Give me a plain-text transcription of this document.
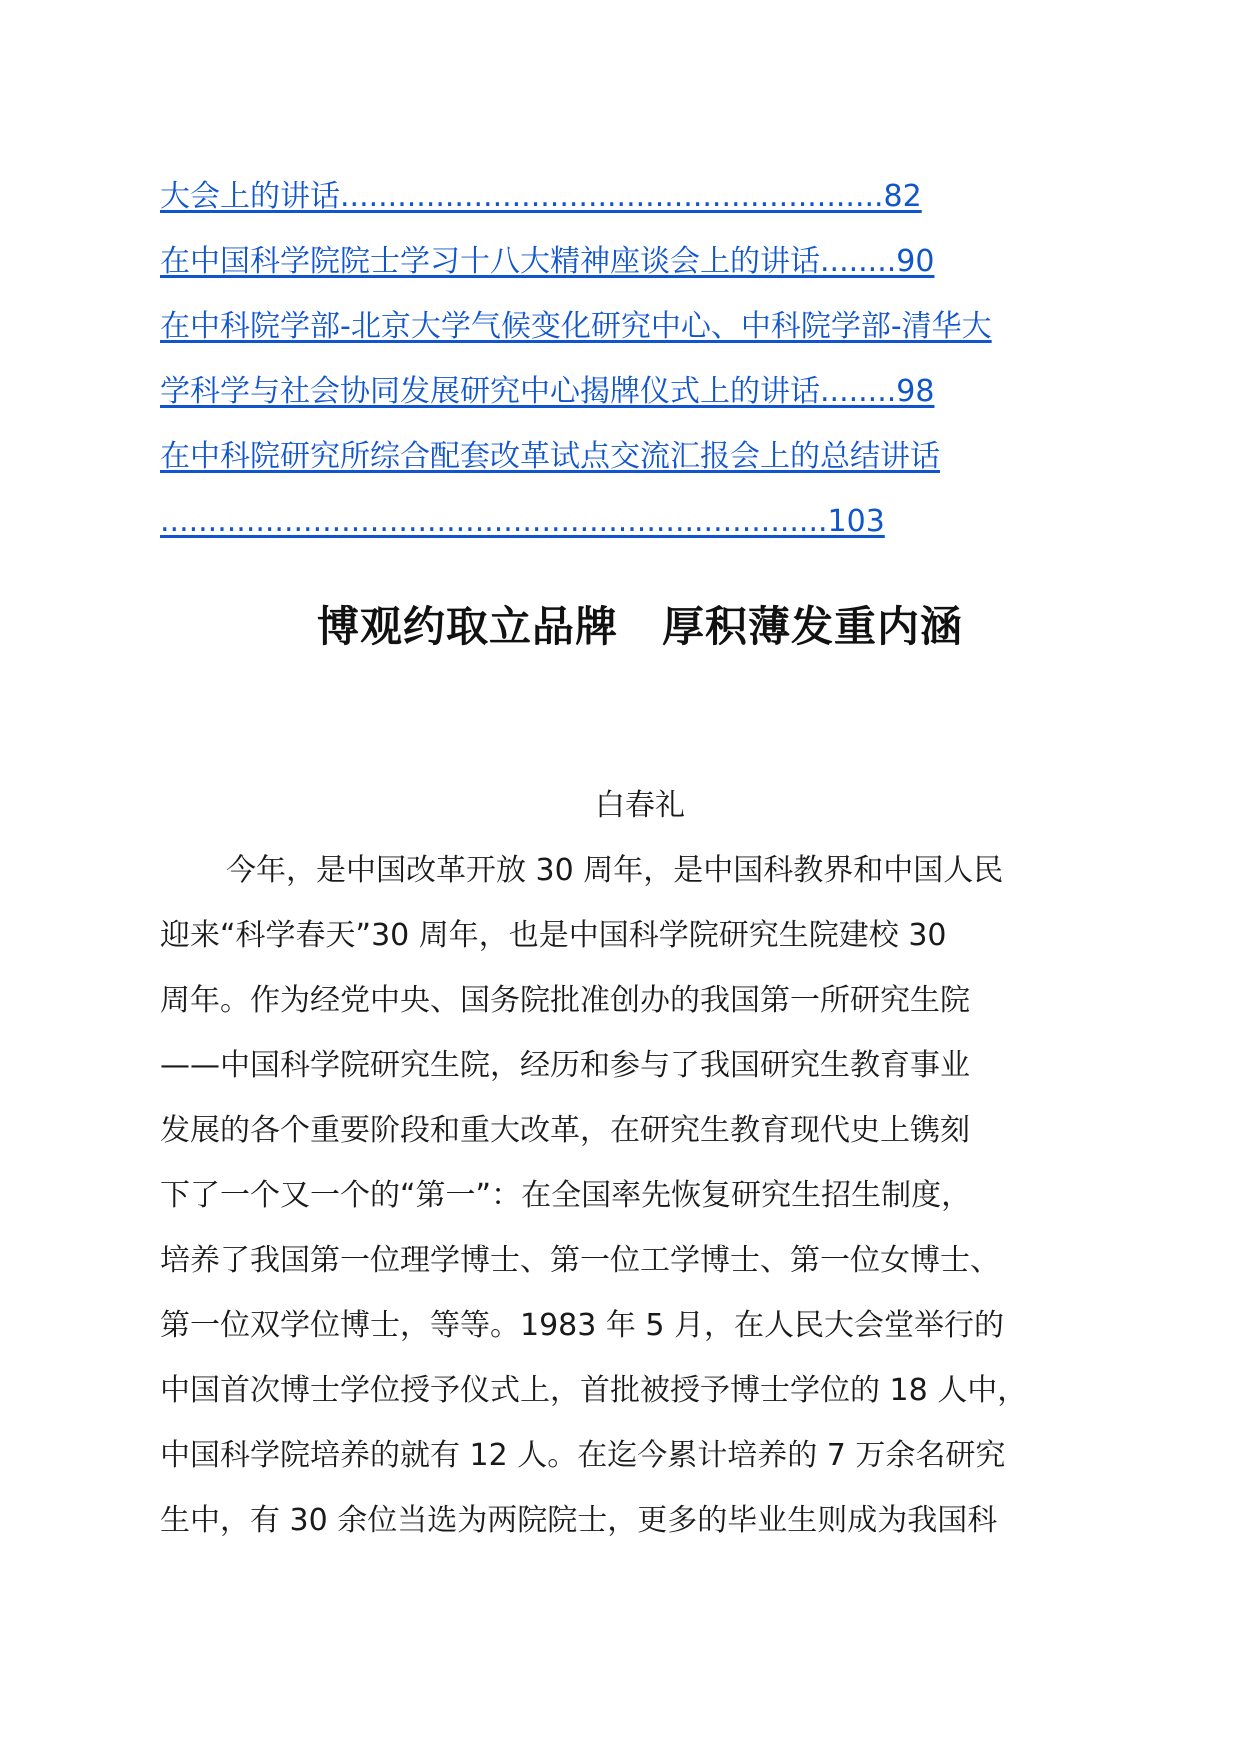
大会上的讲话.........................................................82
在中国科学院院士学习十八大精神座谈会上的讲话........90
在中科院学部-北京大学气候变化研究中心、中科院学部-清华大
学科学与社会协同发展研究中心揭牌仪式上的讲话........98
在中科院研究所综合配套改革试点交流汇报会上的总结讲话
......................................................................103
博观约取立品牌 厚积薄发重内涵
白春礼
今年，是中国改革开放 30 周年，是中国科教界和中国人民
迎来“科学春天”30 周年，也是中国科学院研究生院建校 30
周年。作为经党中央、国务院批准创办的我国第一所研究生院
——中国科学院研究生院，经历和参与了我国研究生教育事业
发展的各个重要阶段和重大改革，在研究生教育现代史上镌刻
下了一个又一个的“第一”：在全国率先恢复研究生招生制度，
培养了我国第一位理学博士、第一位工学博士、第一位女博士、
第一位双学位博士，等等。1983 年 5 月，在人民大会堂举行的
中国首次博士学位授予仪式上，首批被授予博士学位的 18 人中，
中国科学院培养的就有 12 人。在迄今累计培养的 7 万余名研究
生中，有 30 余位当选为两院院士，更多的毕业生则成为我国科
